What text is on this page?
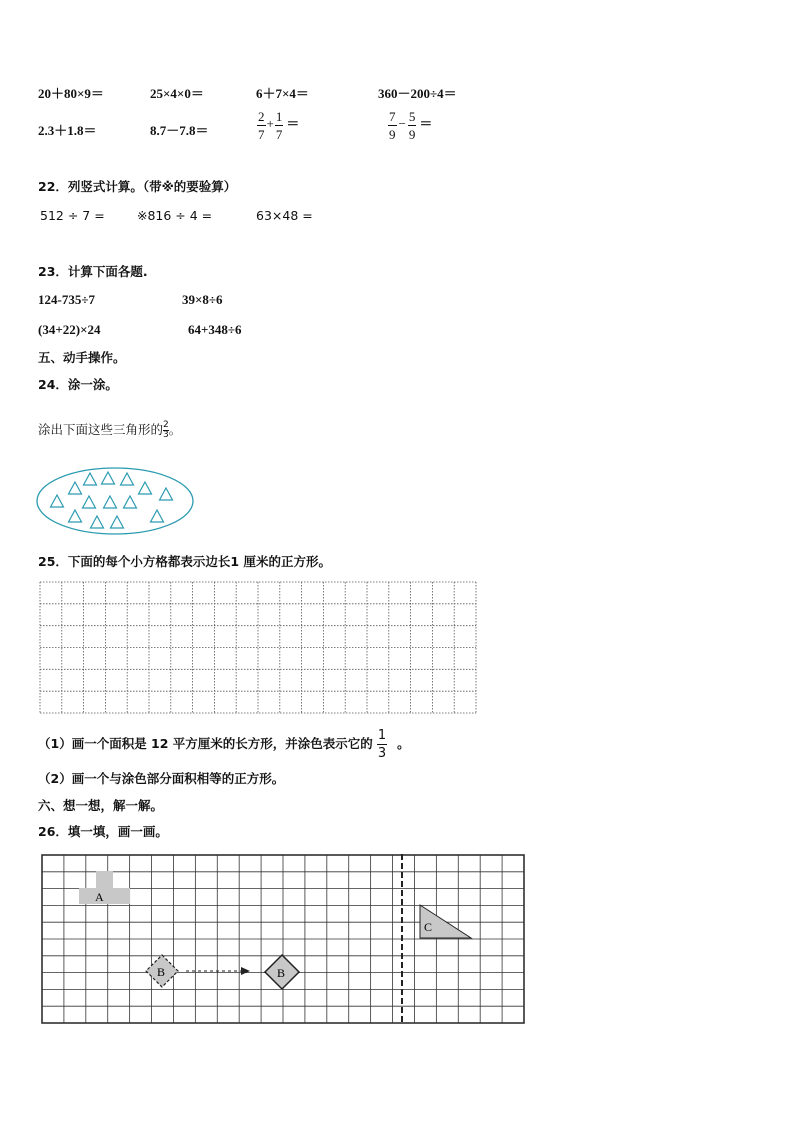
20＋80×9＝	25×4×0＝	6＋7×4＝	360－200÷4＝
2.3＋1.8＝	8.7－7.8＝	$\frac{2}{7} + \frac{1}{7}$ ＝	$\frac{7}{9} - \frac{5}{9}$ ＝
22．列竖式计算。（带※的要验算）
512 ÷ 7 =	※816 ÷ 4 =	63×48 =
23．计算下面各题.
124-735÷7	39×8÷6
(34+22)×24	64+348÷6
五、动手操作。
24．涂一涂。
涂出下面这些三角形的 $\frac{2}{3}$ 。
25．下面的每个小方格都表示边长1 厘米的正方形。
（1）画一个面积是 12 平方厘米的长方形，并涂色表示它的 $\frac{1}{3}$ 。
（2）画一个与涂色部分面积相等的正方形。
六、想一想，解一解。
26．填一填，画一画。
A
B	B
C
